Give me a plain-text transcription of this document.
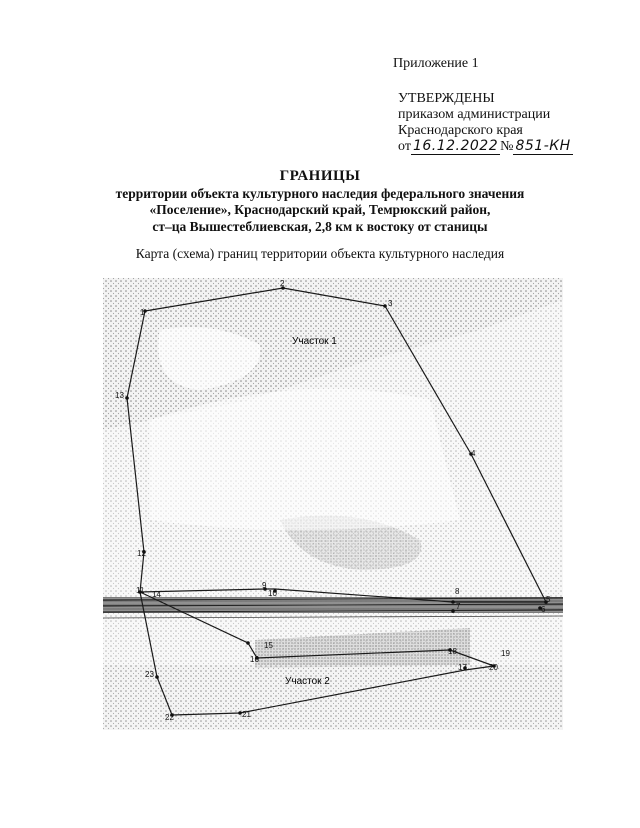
Приложение 1
УТВЕРЖДЕНЫ
приказом администрации
Краснодарского края
от 16.12.2022 № 851-КН
ГРАНИЦЫ
территории объекта культурного наследия федерального значения
«Поселение», Краснодарский край, Темрюкский район,
ст–ца Вышестеблиевская, 2,8 км к востоку от станицы
Карта (схема) границ территории объекта культурного наследия
Участок 1
Участок 2
1
2
3
4
5
6
7
8
9
10
11
12
13
14
15
16
17
18	19
20
21
22
23
